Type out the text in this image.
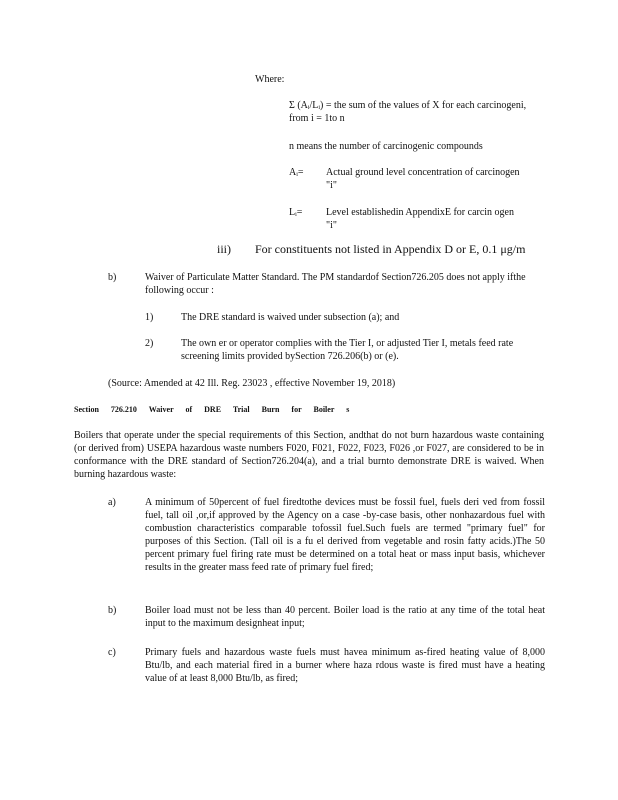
Where:
Σ (Aᵢ/Lᵢ) = the sum of the values of X for each carcinogeni, from i = 1to n
n means the number of carcinogenic compounds
Aᵢ= Actual ground level concentration of carcinogen "i"
Lᵢ= Level establishedin AppendixE for carcin ogen "i"
iii) For constituents not listed in Appendix D or E, 0.1 μg/m
b)	Waiver of Particulate Matter Standard. The PM standardof Section726.205 does not apply ifthe following occur :
1)	The DRE standard is waived under subsection (a); and
2)	The own er or operator complies with the Tier I, or adjusted Tier I, metals feed rate screening limits provided bySection 726.206(b) or (e).
(Source: Amended at 42 Ill. Reg. 23023 , effective November 19, 2018)
Section 726.210 Waiver of DRE Trial Burn for Boiler s
Boilers that operate under the special requirements of this Section, andthat do not burn hazardous waste containing (or derived from) USEPA hazardous waste numbers F020, F021, F022, F023, F026 ,or F027, are considered to be in conformance with the DRE standard of Section726.204(a), and a trial burnto demonstrate DRE is waived. When burning hazardous waste:
a)	A minimum of 50percent of fuel firedtothe devices must be fossil fuel, fuels deri ved from fossil fuel, tall oil ,or,if approved by the Agency on a case -by-case basis, other nonhazardous fuel with combustion characteristics comparable tofossil fuel.Such fuels are termed "primary fuel" for purposes of this Section. (Tall oil is a fu el derived from vegetable and rosin fatty acids.)The 50 percent primary fuel firing rate must be determined on a total heat or mass input basis, whichever results in the greater mass feed rate of primary fuel fired;
b)	Boiler load must not be less than 40 percent. Boiler load is the ratio at any time of the total heat input to the maximum designheat input;
c)	Primary fuels and hazardous waste fuels must havea minimum as-fired heating value of 8,000 Btu/lb, and each material fired in a burner where haza rdous waste is fired must have a heating value of at least 8,000 Btu/lb, as fired;
